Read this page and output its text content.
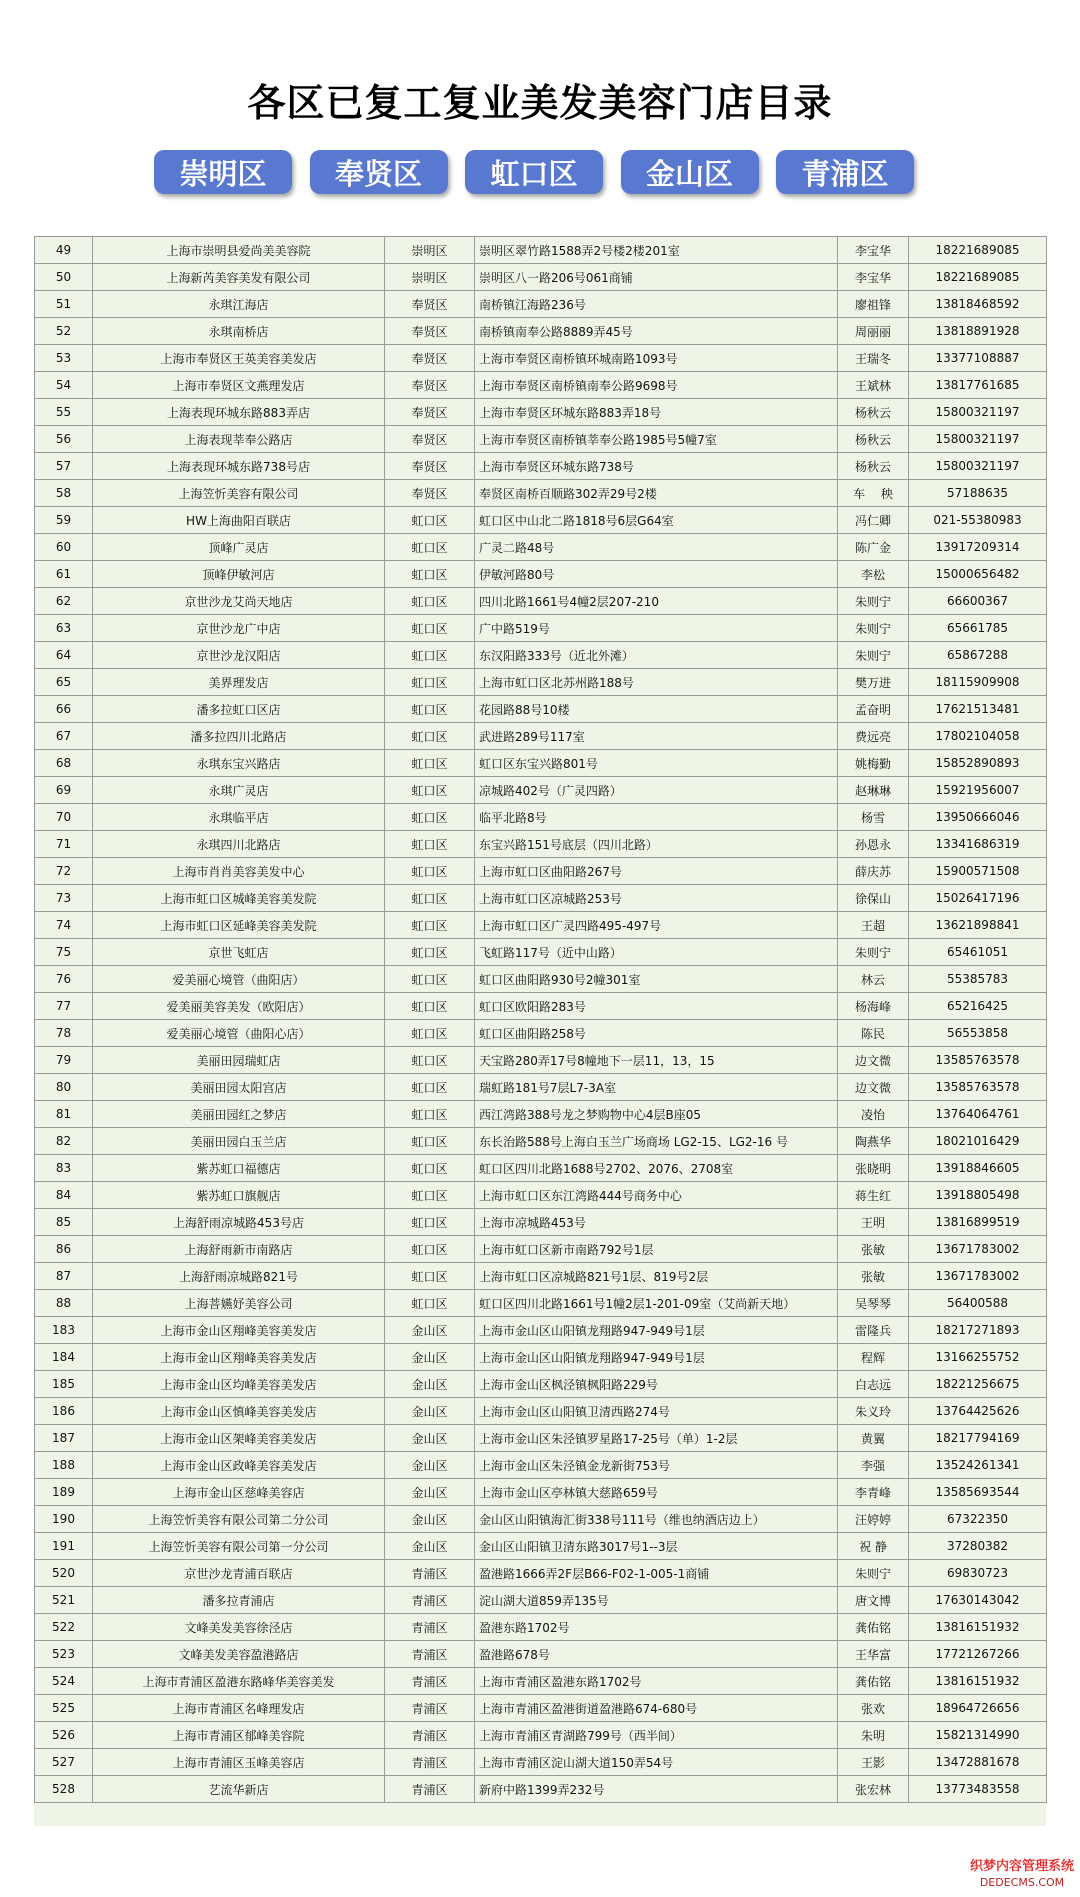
各区已复工复业美发美容门店目录
崇明区	奉贤区	虹口区	金山区	青浦区
49	上海市崇明县爱尚美美容院	崇明区	崇明区翠竹路1588弄2号楼2楼201室	李宝华	18221689085
50	上海新芮美容美发有限公司	崇明区	崇明区八一路206号061商铺	李宝华	18221689085
51	永琪江海店	奉贤区	南桥镇江海路236号	廖祖锋	13818468592
52	永琪南桥店	奉贤区	南桥镇南奉公路8889弄45号	周丽丽	13818891928
53	上海市奉贤区王英美容美发店	奉贤区	上海市奉贤区南桥镇环城南路1093号	王瑞冬	13377108887
54	上海市奉贤区文燕理发店	奉贤区	上海市奉贤区南桥镇南奉公路9698号	王斌林	13817761685
55	上海表现环城东路883弄店	奉贤区	上海市奉贤区环城东路883弄18号	杨秋云	15800321197
56	上海表现莘奉公路店	奉贤区	上海市奉贤区南桥镇莘奉公路1985号5幢7室	杨秋云	15800321197
57	上海表现环城东路738号店	奉贤区	上海市奉贤区环城东路738号	杨秋云	15800321197
58	上海笠忻美容有限公司	奉贤区	奉贤区南桥百顺路302弄29号2楼	车 　秧	57188635
59	HW上海曲阳百联店	虹口区	虹口区中山北二路1818号6层G64室	冯仁卿	021-55380983
60	顶峰广灵店	虹口区	广灵二路48号	陈广金	13917209314
61	顶峰伊敏河店	虹口区	伊敏河路80号	李松	15000656482
62	京世沙龙艾尚天地店	虹口区	四川北路1661号4幢2层207-210	朱则宁	66600367
63	京世沙龙广中店	虹口区	广中路519号	朱则宁	65661785
64	京世沙龙汉阳店	虹口区	东汉阳路333号（近北外滩）	朱则宁	65867288
65	美界理发店	虹口区	上海市虹口区北苏州路188号	樊万进	18115909908
66	潘多拉虹口区店	虹口区	花园路88号10楼	孟奋明	17621513481
67	潘多拉四川北路店	虹口区	武进路289号117室	费远亮	17802104058
68	永琪东宝兴路店	虹口区	虹口区东宝兴路801号	姚梅勤	15852890893
69	永琪广灵店	虹口区	凉城路402号（广灵四路）	赵琳琳	15921956007
70	永琪临平店	虹口区	临平北路8号	杨雪	13950666046
71	永琪四川北路店	虹口区	东宝兴路151号底层（四川北路）	孙恩永	13341686319
72	上海市肖肖美容美发中心	虹口区	上海市虹口区曲阳路267号	薛庆苏	15900571508
73	上海市虹口区城峰美容美发院	虹口区	上海市虹口区凉城路253号	徐保山	15026417196
74	上海市虹口区延峰美容美发院	虹口区	上海市虹口区广灵四路495-497号	王超	13621898841
75	京世飞虹店	虹口区	飞虹路117号（近中山路）	朱则宁	65461051
76	爱美丽心境管（曲阳店）	虹口区	虹口区曲阳路930号2幢301室	林云	55385783
77	爱美丽美容美发（欧阳店）	虹口区	虹口区欧阳路283号	杨海峰	65216425
78	爱美丽心境管（曲阳心店）	虹口区	虹口区曲阳路258号	陈民	56553858
79	美丽田园瑞虹店	虹口区	天宝路280弄17号8幢地下一层11，13，15	边文微	13585763578
80	美丽田园太阳宫店	虹口区	瑞虹路181号7层L7-3A室	边文微	13585763578
81	美丽田园红之梦店	虹口区	西江湾路388号龙之梦购物中心4层B座05	凌怡	13764064761
82	美丽田园白玉兰店	虹口区	东长治路588号上海白玉兰广场商场 LG2-15、LG2-16 号	陶燕华	18021016429
83	紫苏虹口福德店	虹口区	虹口区四川北路1688号2702、2076、2708室	张晓明	13918846605
84	紫苏虹口旗舰店	虹口区	上海市虹口区东江湾路444号商务中心	蒋生红	13918805498
85	上海舒雨凉城路453号店	虹口区	上海市凉城路453号	王明	13816899519
86	上海舒雨新市南路店	虹口区	上海市虹口区新市南路792号1层	张敏	13671783002
87	上海舒雨凉城路821号	虹口区	上海市虹口区凉城路821号1层、819号2层	张敏	13671783002
88	上海菩嬿妤美容公司	虹口区	虹口区四川北路1661号1幢2层1-201-09室（艾尚新天地）	吴琴琴	56400588
183	上海市金山区翔峰美容美发店	金山区	上海市金山区山阳镇龙翔路947-949号1层	雷隆兵	18217271893
184	上海市金山区翔峰美容美发店	金山区	上海市金山区山阳镇龙翔路947-949号1层	程辉	13166255752
185	上海市金山区均峰美容美发店	金山区	上海市金山区枫泾镇枫阳路229号	白志远	18221256675
186	上海市金山区慎峰美容美发店	金山区	上海市金山区山阳镇卫清西路274号	朱义玲	13764425626
187	上海市金山区架峰美容美发店	金山区	上海市金山区朱泾镇罗星路17-25号（单）1-2层	黄翼	18217794169
188	上海市金山区政峰美容美发店	金山区	上海市金山区朱泾镇金龙新街753号	李强	13524261341
189	上海市金山区慈峰美容店	金山区	上海市金山区亭林镇大慈路659号	李青峰	13585693544
190	上海笠忻美容有限公司第二分公司	金山区	金山区山阳镇海汇街338号111号（维也纳酒店边上）	汪婷婷	67322350
191	上海笠忻美容有限公司第一分公司	金山区	金山区山阳镇卫清东路3017号1--3层	祝 静	37280382
520	京世沙龙青浦百联店	青浦区	盈港路1666弄2F层B66-F02-1-005-1商铺	朱则宁	69830723
521	潘多拉青浦店	青浦区	淀山湖大道859弄135号	唐文博	17630143042
522	文峰美发美容徐泾店	青浦区	盈港东路1702号	龚佑铭	13816151932
523	文峰美发美容盈港路店	青浦区	盈港路678号	王华富	17721267266
524	上海市青浦区盈港东路峰华美容美发	青浦区	上海市青浦区盈港东路1702号	龚佑铭	13816151932
525	上海市青浦区名峰理发店	青浦区	上海市青浦区盈港街道盈港路674-680号	张欢	18964726656
526	上海市青浦区郁峰美容院	青浦区	上海市青浦区青湖路799号（西半间）	朱明	15821314990
527	上海市青浦区玉峰美容店	青浦区	上海市青浦区淀山湖大道150弄54号	王影	13472881678
528	艺流华新店	青浦区	新府中路1399弄232号	张宏林	13773483558
织梦内容管理系统
DEDECMS.COM
